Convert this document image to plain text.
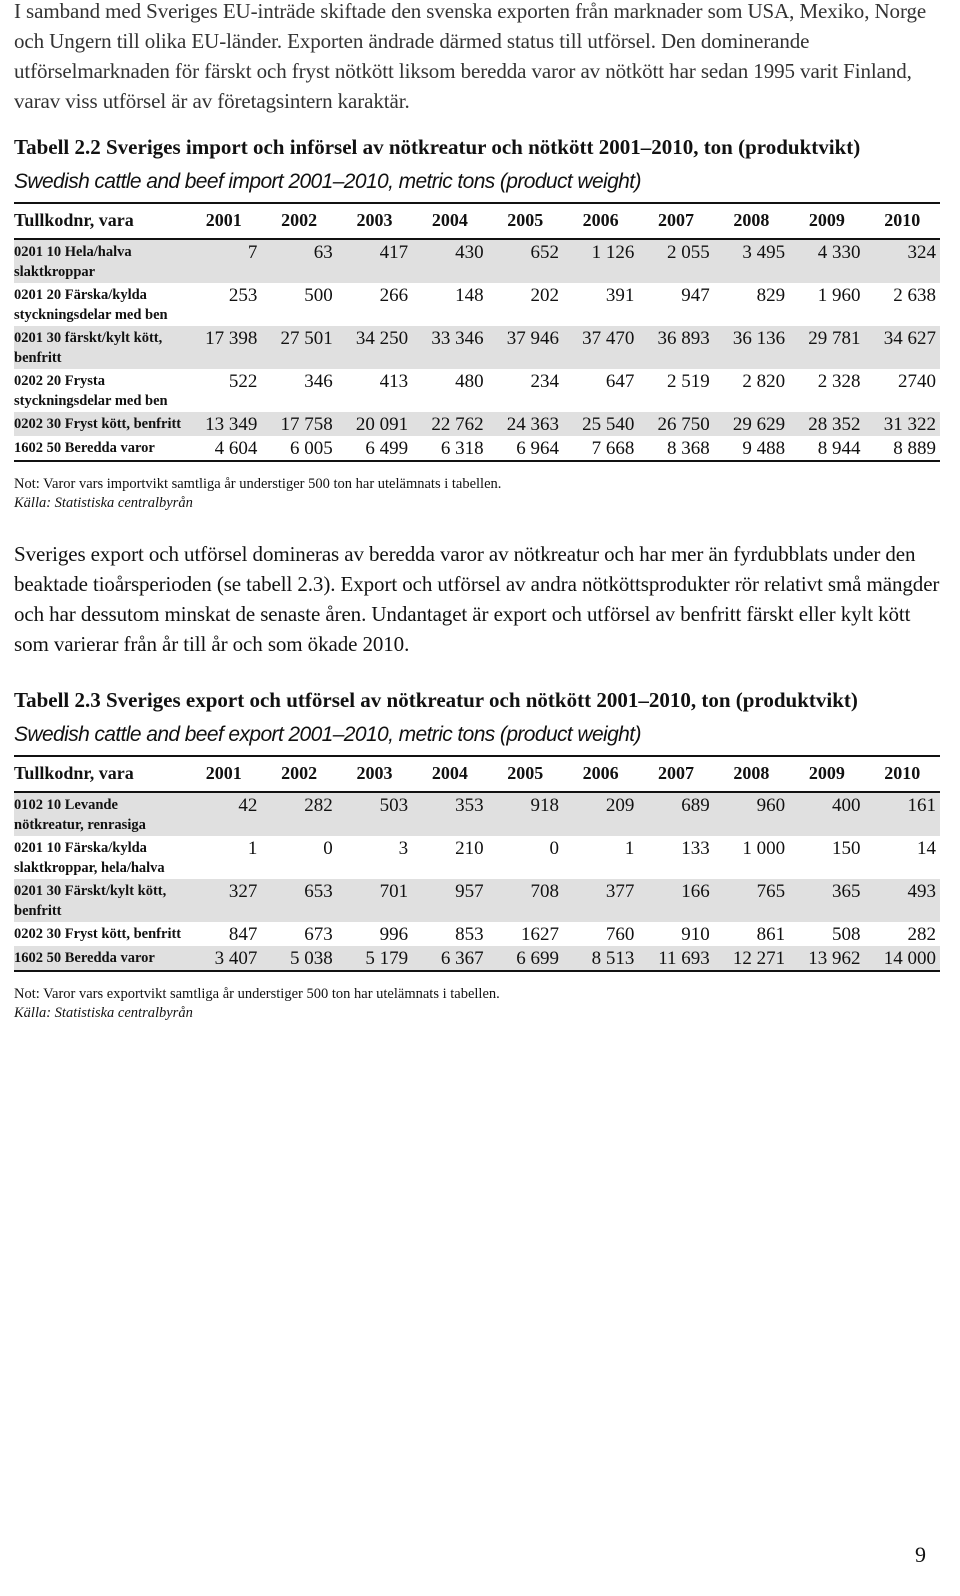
I samband med Sveriges EU-inträde skiftade den svenska exporten från marknader som USA, Mexiko, Norge och Ungern till olika EU-länder. Exporten ändrade därmed status till utförsel. Den dominerande utförselmarknaden för färskt och fryst nötkött liksom beredda varor av nötkött har sedan 1995 varit Finland, varav viss utförsel är av företagsintern karaktär.

Tabell 2.2 Sveriges import och införsel av nötkreatur och nötkött 2001–2010, ton (produktvikt)

Swedish cattle and beef import 2001–2010, metric tons (product weight)

Tullkodnr, vara	2001	2002	2003	2004	2005	2006	2007	2008	2009	2010
0201 10 Hela/halva slaktkroppar	7	63	417	430	652	1 126	2 055	3 495	4 330	324
0201 20 Färska/kylda styckningsdelar med ben	253	500	266	148	202	391	947	829	1 960	2 638
0201 30 färskt/kylt kött, benfritt	17 398	27 501	34 250	33 346	37 946	37 470	36 893	36 136	29 781	34 627
0202 20 Frysta styckningsdelar med ben	522	346	413	480	234	647	2 519	2 820	2 328	2740
0202 30 Fryst kött, benfritt	13 349	17 758	20 091	22 762	24 363	25 540	26 750	29 629	28 352	31 322
1602 50 Beredda varor	4 604	6 005	6 499	6 318	6 964	7 668	8 368	9 488	8 944	8 889

Not: Varor vars importvikt samtliga år understiger 500 ton har utelämnats i tabellen.

Källa: Statistiska centralbyrån

Sveriges export och utförsel domineras av beredda varor av nötkreatur och har mer än fyrdubblats under den beaktade tioårsperioden (se tabell 2.3). Export och utförsel av andra nötköttsprodukter rör relativt små mängder och har dessutom minskat de senaste åren. Undantaget är export och utförsel av benfritt färskt eller kylt kött som varierar från år till år och som ökade 2010.

Tabell 2.3 Sveriges export och utförsel av nötkreatur och nötkött 2001–2010, ton (produktvikt)

Swedish cattle and beef export 2001–2010, metric tons (product weight)

Tullkodnr, vara	2001	2002	2003	2004	2005	2006	2007	2008	2009	2010
0102 10 Levande nötkreatur, renrasiga	42	282	503	353	918	209	689	960	400	161
0201 10 Färska/kylda slaktkroppar, hela/halva	1	0	3	210	0	1	133	1 000	150	14
0201 30 Färskt/kylt kött, benfritt	327	653	701	957	708	377	166	765	365	493
0202 30 Fryst kött, benfritt	847	673	996	853	1627	760	910	861	508	282
1602 50 Beredda varor	3 407	5 038	5 179	6 367	6 699	8 513	11 693	12 271	13 962	14 000

Not: Varor vars exportvikt samtliga år understiger 500 ton har utelämnats i tabellen.

Källa: Statistiska centralbyrån

9
